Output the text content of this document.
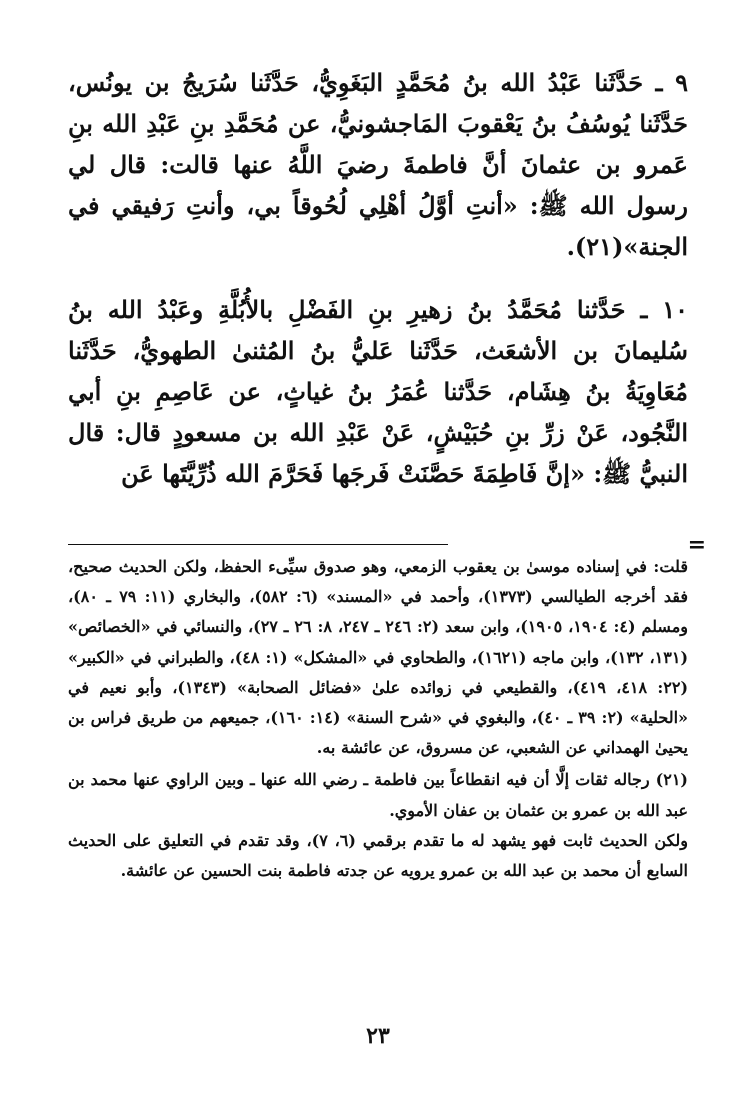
٩ ـ حَدَّثَنا عَبْدُ الله بنُ مُحَمَّدٍ البَغَوِيُّ، حَدَّثَنا سُرَيجُ بن يونُس، حَدَّثَنا يُوسُفُ بنُ يَعْقوبَ المَاجشونيُّ، عن مُحَمَّدِ بنِ عَبْدِ الله بنِ عَمرو بن عثمانَ أنَّ فاطمةَ رضيَ اللَّهُ عنها قالت: قال لي رسول الله ﷺ: «أنتِ أوَّلُ أهْلِي لُحُوقاً بي، وأنتِ رَفيقي في الجنة»(٢١).

١٠ ـ حَدَّثنا مُحَمَّدُ بنُ زهيرِ بنِ الفَضْلِ بالأُبُلَّةِ وعَبْدُ الله بنُ سُليمانَ بن الأشعَث، حَدَّثَنا عَليُّ بنُ المُثنىٰ الطهويُّ، حَدَّثَنا مُعَاوِيَةُ بنُ هِشَام، حَدَّثنا عُمَرُ بنُ غياثٍ، عن عَاصِمِ بنِ أبي النَّجُود، عَنْ زرِّ بنِ حُبَيْشٍ، عَنْ عَبْدِ الله بن مسعودٍ قال: قال النبيُّ ﷺ: «إنَّ فَاطِمَةَ حَصَّنَتْ فَرجَها فَحَرَّمَ الله ذُرِّيَّتَها عَن

=

قلت: في إسناده موسىٰ بن يعقوب الزمعي، وهو صدوق سيِّىء الحفظ، ولكن الحديث صحيح، فقد أخرجه الطيالسي (١٣٧٣)، وأحمد في «المسند» (٦: ٥٨٢)، والبخاري (١١: ٧٩ ـ ٨٠)، ومسلم (٤: ١٩٠٤، ١٩٠٥)، وابن سعد (٢: ٢٤٦ ـ ٢٤٧، ٨: ٢٦ ـ ٢٧)، والنسائي في «الخصائص» (١٣١، ١٣٢)، وابن ماجه (١٦٢١)، والطحاوي في «المشكل» (١: ٤٨)، والطبراني في «الكبير» (٢٢: ٤١٨، ٤١٩)، والقطيعي في زوائده علىٰ «فضائل الصحابة» (١٣٤٣)، وأبو نعيم في «الحلية» (٢: ٣٩ ـ ٤٠)، والبغوي في «شرح السنة» (١٤: ١٦٠)، جميعهم من طريق فراس بن يحيىٰ الهمداني عن الشعبي، عن مسروق، عن عائشة به.

(٢١) رجاله ثقات إلَّا أن فيه انقطاعاً بين فاطمة ـ رضي الله عنها ـ وبين الراوي عنها محمد بن عبد الله بن عمرو بن عثمان بن عفان الأموي.

ولكن الحديث ثابت فهو يشهد له ما تقدم برقمي (٦، ٧)، وقد تقدم في التعليق على الحديث السابع أن محمد بن عبد الله بن عمرو يرويه عن جدته فاطمة بنت الحسين عن عائشة.

٢٣
